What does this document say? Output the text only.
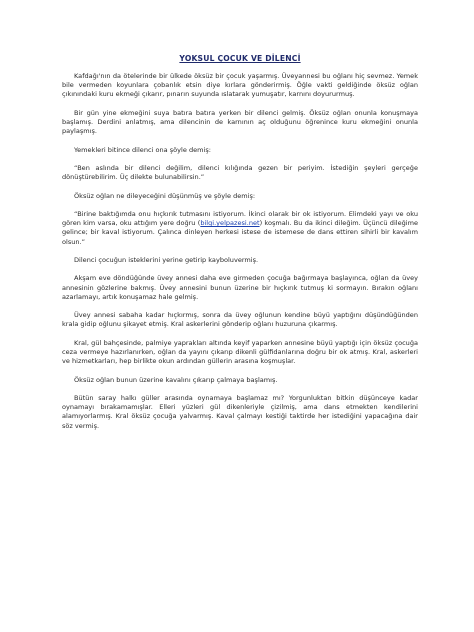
YOKSUL ÇOCUK VE DİLENCİ

Kafdağı'nın da ötelerinde bir ülkede öksüz bir çocuk yaşarmış. Üveyannesi bu oğlanı hiç sevmez. Yemek bile vermeden koyunlara çobanlık etsin diye kırlara gönderirmiş. Öğle vakti geldiğinde öksüz oğlan çıkınındaki kuru ekmeği çıkarır, pınarın suyunda ıslatarak yumuşatır, karnını doyururmuş.

Bir gün yine ekmeğini suya batıra batıra yerken bir dilenci gelmiş. Öksüz oğlan onunla konuşmaya başlamış. Derdini anlatmış, ama dilencinin de karnının aç olduğunu öğrenince kuru ekmeğini onunla paylaşmış.

Yemekleri bitince dilenci ona şöyle demiş:

“Ben aslında bir dilenci değilim, dilenci kılığında gezen bir periyim. İstediğin şeyleri gerçeğe dönüştürebilirim. Üç dilekte bulunabilirsin.”

Öksüz oğlan ne dileyeceğini düşünmüş ve şöyle demiş:

“Birine baktığımda onu hıçkırık tutmasını istiyorum. İkinci olarak bir ok istiyorum. Elimdeki yayı ve oku gören kim varsa, oku attığım yere doğru (bilgi.yelpazesi.net) koşmalı. Bu da ikinci dileğim. Üçüncü dileğime gelince; bir kaval istiyorum. Çalınca dinleyen herkesi istese de istemese de dans ettiren sihirli bir kavalım olsun.”

Dilenci çocuğun isteklerini yerine getirip kayboluvermiş.

Akşam eve döndüğünde üvey annesi daha eve girmeden çocuğa bağırmaya başlayınca, oğlan da üvey annesinin gözlerine bakmış. Üvey annesini bunun üzerine bir hıçkırık tutmuş ki sormayın. Bırakın oğlanı azarlamayı, artık konuşamaz hale gelmiş.

Üvey annesi sabaha kadar hıçkırmış, sonra da üvey oğlunun kendine büyü yaptığını düşündüğünden krala gidip oğlunu şikayet etmiş. Kral askerlerini gönderip oğlanı huzuruna çıkarmış.

Kral, gül bahçesinde, palmiye yaprakları altında keyif yaparken annesine büyü yaptığı için öksüz çocuğa ceza vermeye hazırlanırken, oğlan da yayını çıkarıp dikenli gülfidanlarına doğru bir ok atmış. Kral, askerleri ve hizmetkarları, hep birlikte okun ardından güllerin arasına koşmuşlar.

Öksüz oğlan bunun üzerine kavalını çıkarıp çalmaya başlamış.

Bütün saray halkı güller arasında oynamaya başlamaz mı? Yorgunluktan bitkin düşünceye kadar oynamayı bırakamamışlar. Elleri yüzleri gül dikenleriyle çizilmiş, ama dans etmekten kendilerini alamıyorlarmış. Kral öksüz çocuğa yalvarmış. Kaval çalmayı kestiği taktirde her istediğini yapacağına dair söz vermiş.
